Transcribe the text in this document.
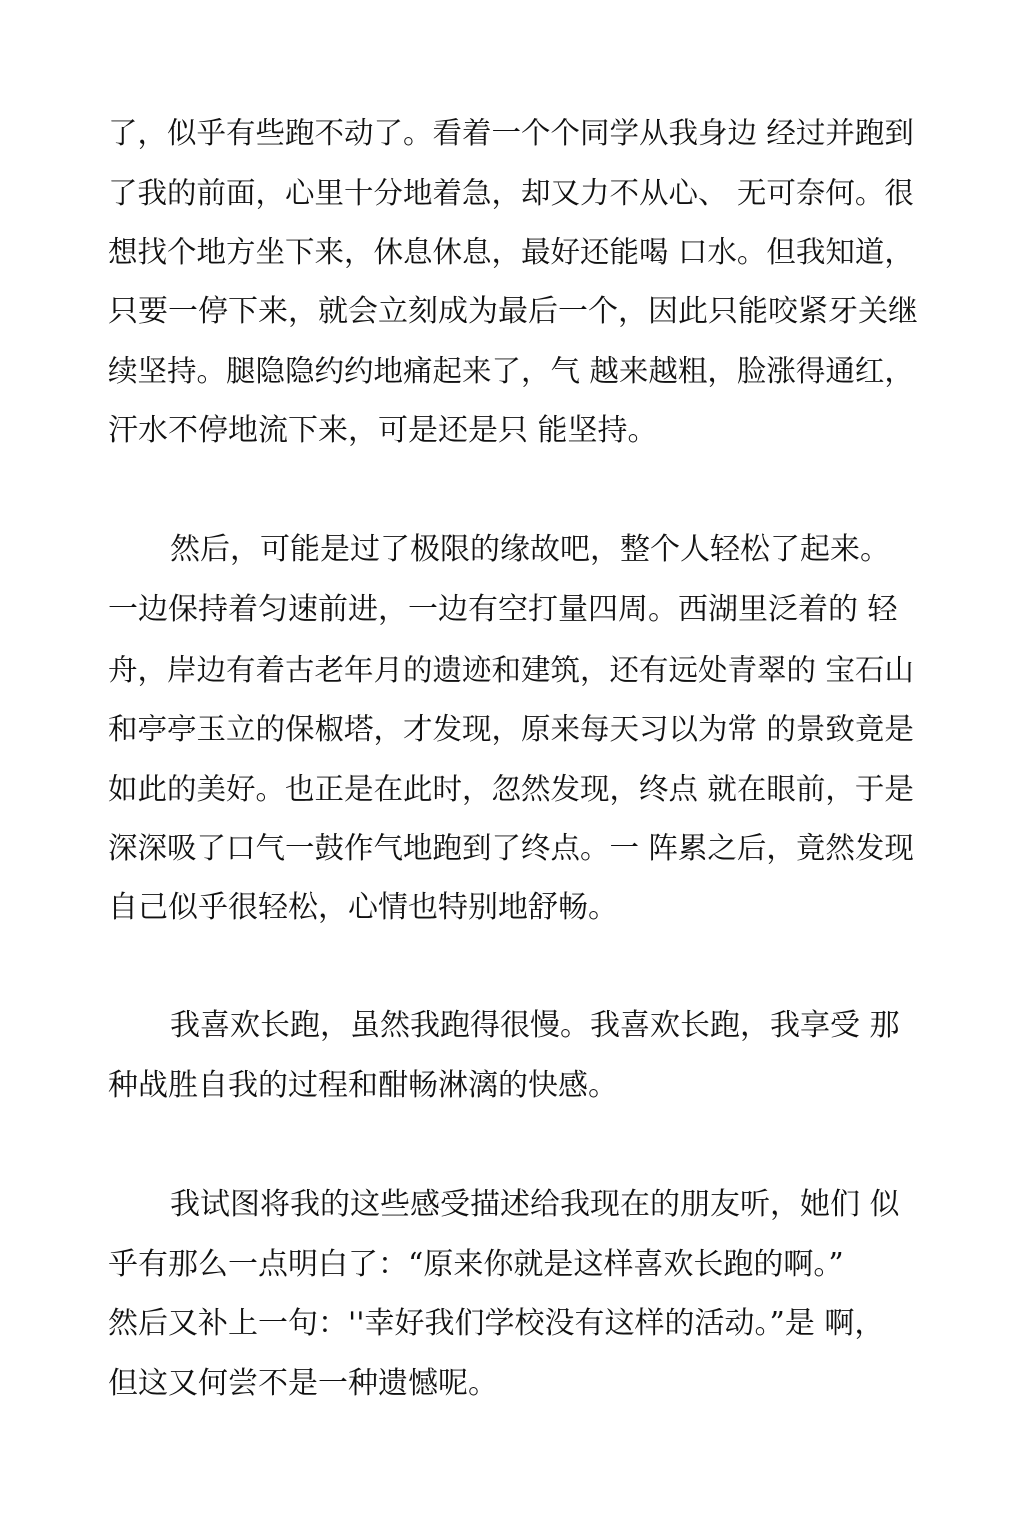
了，似乎有些跑不动了。看着一个个同学从我身边 经过并跑到
了我的前面，心里十分地着急，却又力不从心、 无可奈何。很
想找个地方坐下来，休息休息，最好还能喝 口水。但我知道，
只要一停下来，就会立刻成为最后一个，因此只能咬紧牙关继
续坚持。腿隐隐约约地痛起来了，气 越来越粗，脸涨得通红，
汗水不停地流下来，可是还是只 能坚持。
然后，可能是过了极限的缘故吧，整个人轻松了起来。
一边保持着匀速前进，一边有空打量四周。西湖里泛着的 轻
舟，岸边有着古老年月的遗迹和建筑，还有远处青翠的 宝石山
和亭亭玉立的保椒塔，才发现，原来每天习以为常 的景致竟是
如此的美好。也正是在此时，忽然发现，终点 就在眼前，于是
深深吸了口气一鼓作气地跑到了终点。一 阵累之后，竟然发现
自己似乎很轻松，心情也特别地舒畅。
我喜欢长跑，虽然我跑得很慢。我喜欢长跑，我享受 那
种战胜自我的过程和酣畅淋漓的快感。
我试图将我的这些感受描述给我现在的朋友听，她们 似
乎有那么一点明白了：“原来你就是这样喜欢长跑的啊。”
然后又补上一句：''幸好我们学校没有这样的活动。”是 啊，
但这又何尝不是一种遗憾呢。
